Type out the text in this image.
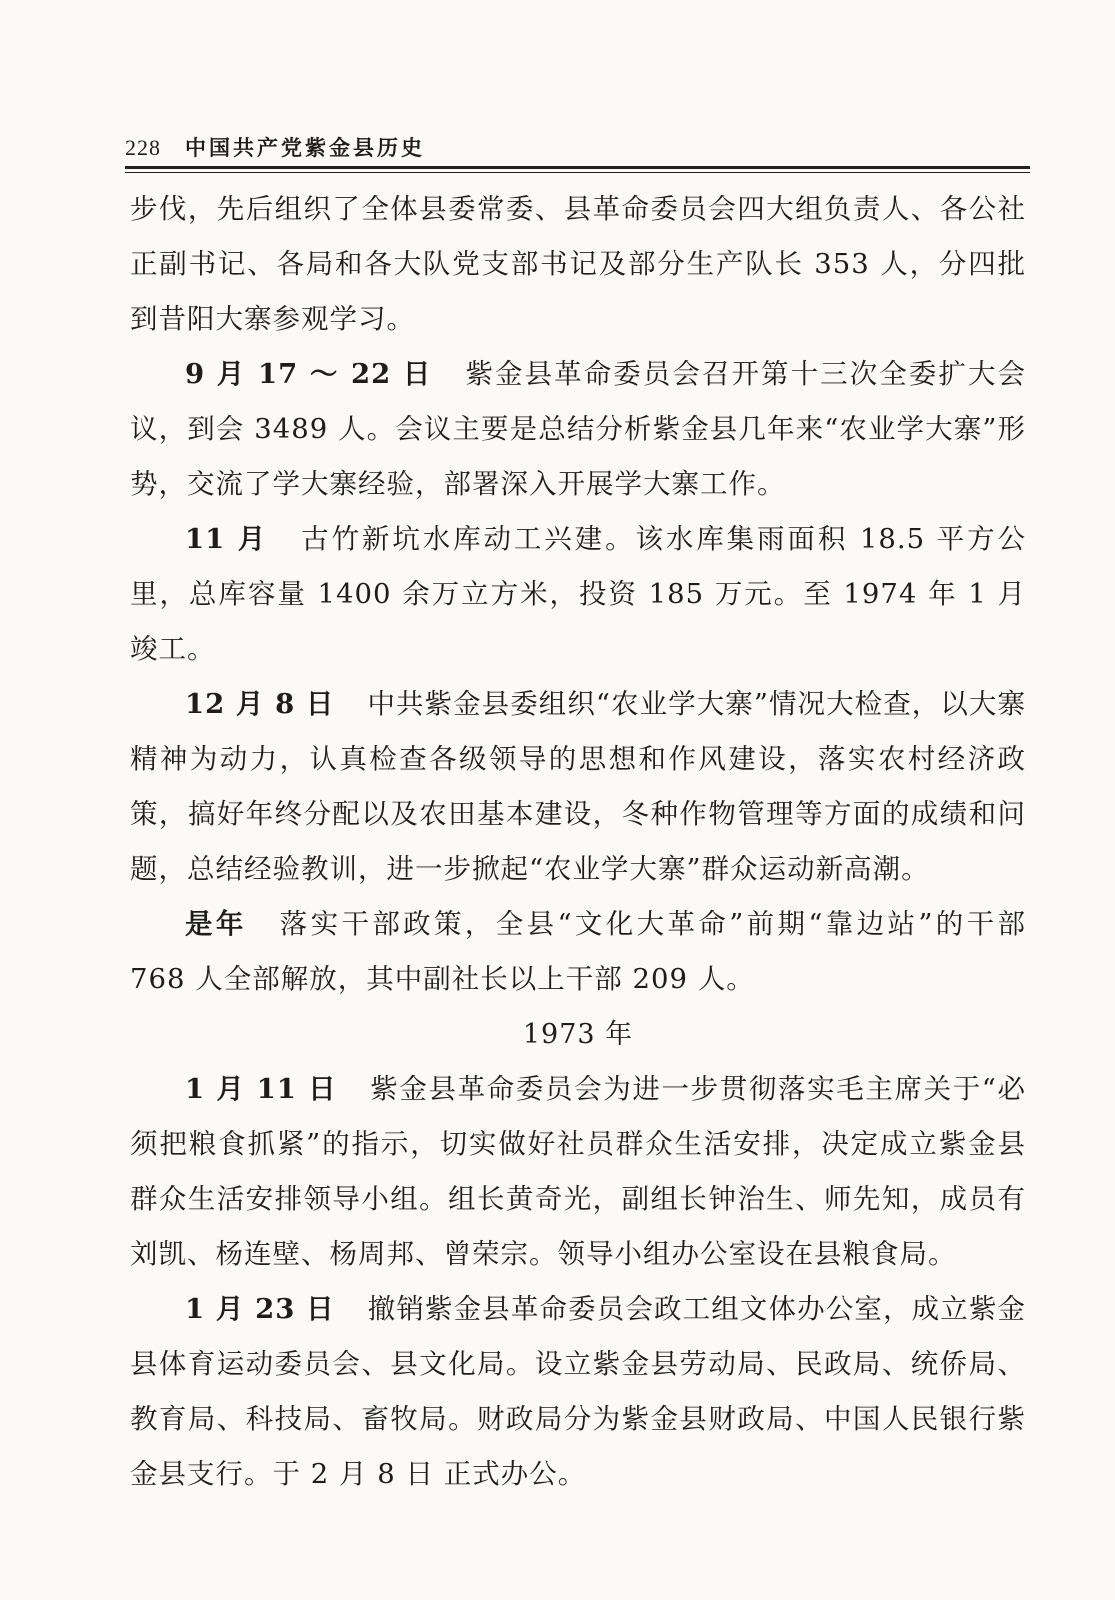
228 中国共产党紫金县历史

步伐，先后组织了全体县委常委、县革命委员会四大组负责人、各公社正副书记、各局和各大队党支部书记及部分生产队长 353 人，分四批到昔阳大寨参观学习。

9 月 17 ～ 22 日 紫金县革命委员会召开第十三次全委扩大会议，到会 3489 人。会议主要是总结分析紫金县几年来“农业学大寨”形势，交流了学大寨经验，部署深入开展学大寨工作。

11 月 古竹新坑水库动工兴建。该水库集雨面积 18.5 平方公里，总库容量 1400 余万立方米，投资 185 万元。至 1974 年 1 月竣工。

12 月 8 日 中共紫金县委组织“农业学大寨”情况大检查，以大寨精神为动力，认真检查各级领导的思想和作风建设，落实农村经济政策，搞好年终分配以及农田基本建设，冬种作物管理等方面的成绩和问题，总结经验教训，进一步掀起“农业学大寨”群众运动新高潮。

是年 落实干部政策，全县“文化大革命”前期“靠边站”的干部 768 人全部解放，其中副社长以上干部 209 人。

1973 年

1 月 11 日 紫金县革命委员会为进一步贯彻落实毛主席关于“必须把粮食抓紧”的指示，切实做好社员群众生活安排，决定成立紫金县群众生活安排领导小组。组长黄奇光，副组长钟治生、师先知，成员有刘凯、杨连壁、杨周邦、曾荣宗。领导小组办公室设在县粮食局。

1 月 23 日 撤销紫金县革命委员会政工组文体办公室，成立紫金县体育运动委员会、县文化局。设立紫金县劳动局、民政局、统侨局、教育局、科技局、畜牧局。财政局分为紫金县财政局、中国人民银行紫金县支行。于 2 月 8 日 正式办公。
